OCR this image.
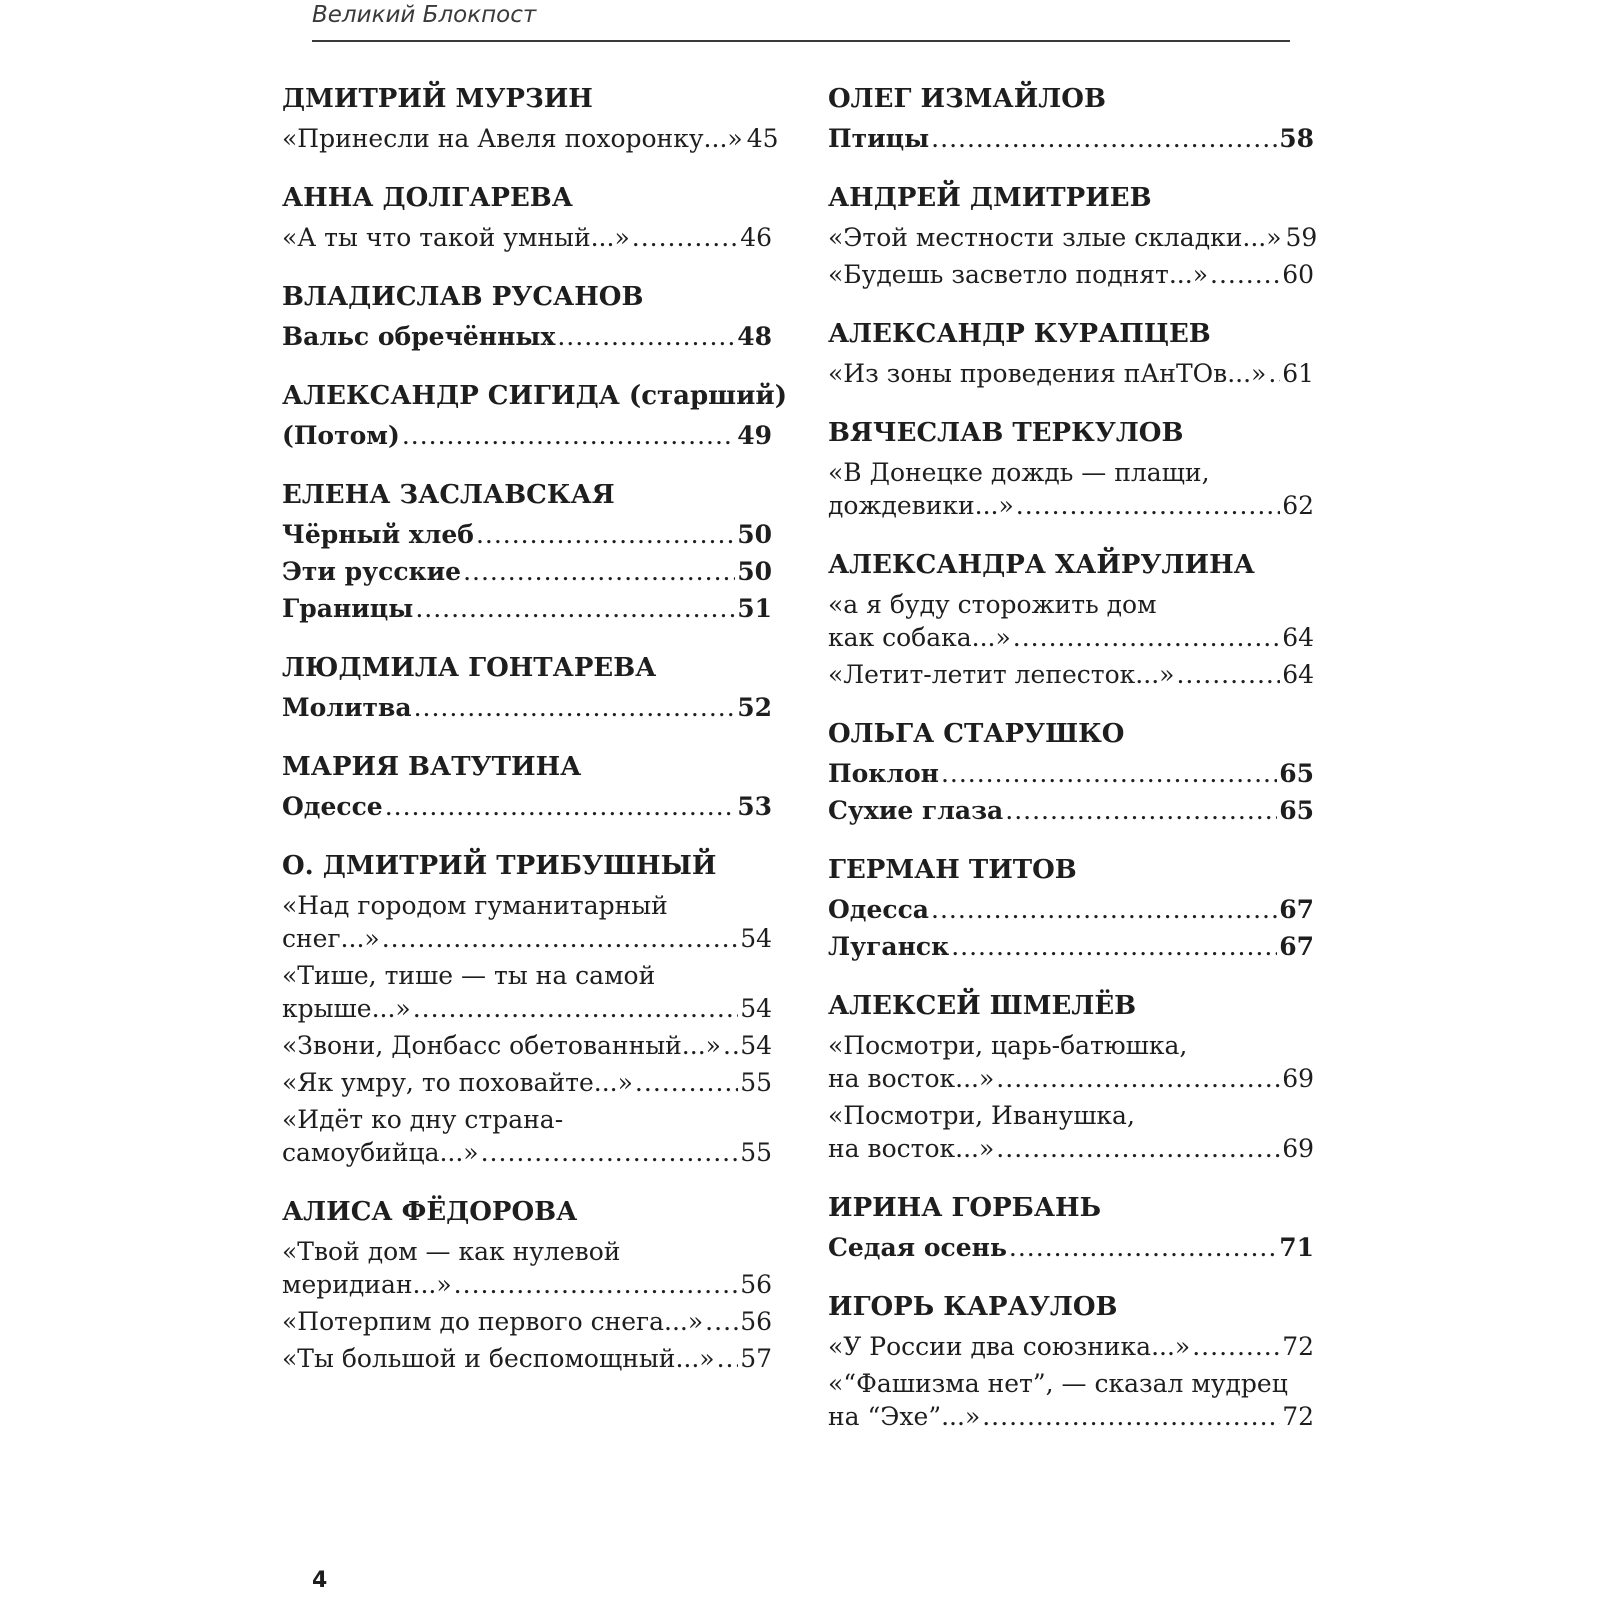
Великий Блокпост
ДМИТРИЙ МУРЗИН
«Принесли на Авеля похоронку...» 45
АННА ДОЛГАРЕВА
«А ты что такой умный...» .....	46
ВЛАДИСЛАВ РУСАНОВ
Вальс обречённых .....	48
АЛЕКСАНДР СИГИДА (старший)
(Потом) .....	49
ЕЛЕНА ЗАСЛАВСКАЯ
Чёрный хлеб .....	50
Эти русские .....	50
Границы .....	51
ЛЮДМИЛА ГОНТАРЕВА
Молитва .....	52
МАРИЯ ВАТУТИНА
Одессе .....	53
О. ДМИТРИЙ ТРИБУШНЫЙ
«Над городом гуманитарный
снег...» .....	54
«Тише, тише — ты на самой
крыше...» .....	54
«Звони, Донбасс обетованный...» ..... 54
«Як умру, то поховайте...» .....	55
«Идёт ко дну страна-
самоубийца...» .....	55
АЛИСА ФЁДОРОВА
«Твой дом — как нулевой
меридиан...» .....	56
«Потерпим до первого снега...» ..... 56
«Ты большой и беспомощный...» ..... 57
ОЛЕГ ИЗМАЙЛОВ
Птицы .....	58
АНДРЕЙ ДМИТРИЕВ
«Этой местности злые складки...» 59
«Будешь засветло поднят...» .....	60
АЛЕКСАНДР КУРАПЦЕВ
«Из зоны проведения пАнТОв...» ..... 61
ВЯЧЕСЛАВ ТЕРКУЛОВ
«В Донецке дождь — плащи,
дождевики...» .....	62
АЛЕКСАНДРА ХАЙРУЛИНА
«а я буду сторожить дом
как собака...» .....	64
«Летит-летит лепесток...» .....	64
ОЛЬГА СТАРУШКО
Поклон .....	65
Сухие глаза .....	65
ГЕРМАН ТИТОВ
Одесса .....	67
Луганск .....	67
АЛЕКСЕЙ ШМЕЛЁВ
«Посмотри, царь-батюшка,
на восток...» .....	69
«Посмотри, Иванушка,
на восток...» .....	69
ИРИНА ГОРБАНЬ
Седая осень .....	71
ИГОРЬ КАРАУЛОВ
«У России два союзника...» .....	72
«“Фашизма нет”, — сказал мудрец
на “Эхе”...» .....	72
4
